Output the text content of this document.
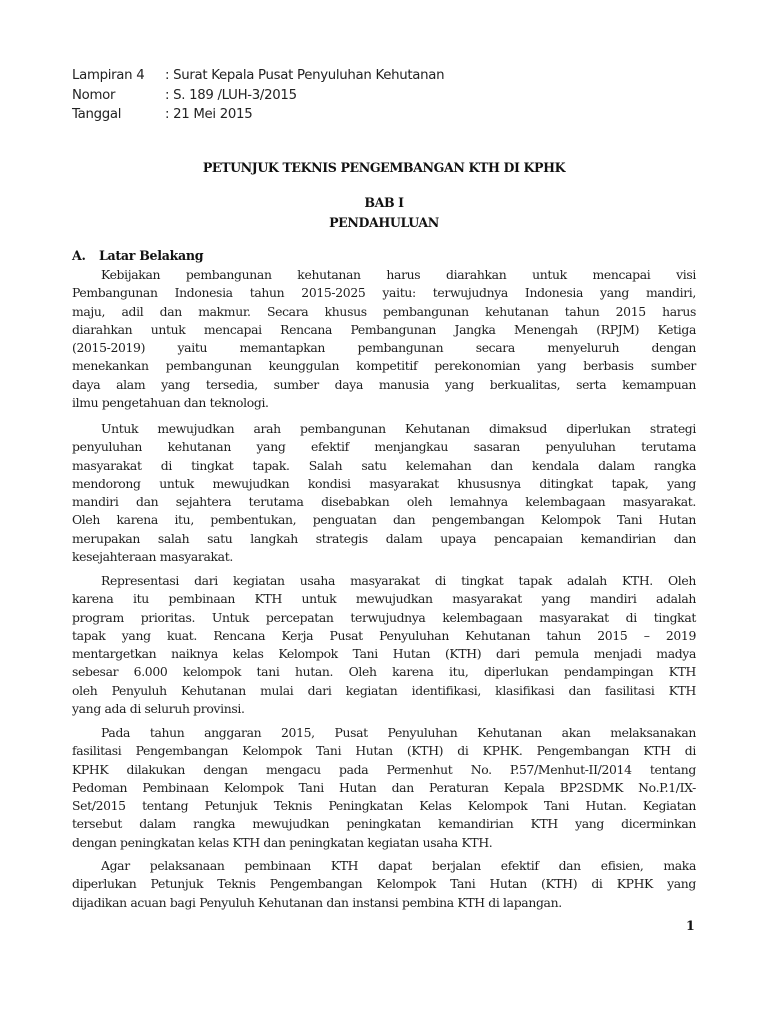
Lampiran 4 : Surat Kepala Pusat Penyuluhan Kehutanan
Nomor	: S. 189 /LUH-3/2015
Tanggal	: 21 Mei 2015
PETUNJUK TEKNIS PENGEMBANGAN KTH DI KPHK
BAB I
PENDAHULUAN
A. Latar Belakang
Kebijakan pembangunan kehutanan harus diarahkan untuk mencapai visi
Pembangunan Indonesia tahun 2015-2025 yaitu: terwujudnya Indonesia yang mandiri,
maju, adil dan makmur. Secara khusus pembangunan kehutanan tahun 2015 harus
diarahkan untuk mencapai Rencana Pembangunan Jangka Menengah (RPJM) Ketiga
(2015-2019) yaitu memantapkan pembangunan secara menyeluruh dengan
menekankan pembangunan keunggulan kompetitif perekonomian yang berbasis sumber
daya alam yang tersedia, sumber daya manusia yang berkualitas, serta kemampuan
ilmu pengetahuan dan teknologi.
Untuk mewujudkan arah pembangunan Kehutanan dimaksud diperlukan strategi
penyuluhan kehutanan yang efektif menjangkau sasaran penyuluhan terutama
masyarakat di tingkat tapak. Salah satu kelemahan dan kendala dalam rangka
mendorong untuk mewujudkan kondisi masyarakat khususnya ditingkat tapak, yang
mandiri dan sejahtera terutama disebabkan oleh lemahnya kelembagaan masyarakat.
Oleh karena itu, pembentukan, penguatan dan pengembangan Kelompok Tani Hutan
merupakan salah satu langkah strategis dalam upaya pencapaian kemandirian dan
kesejahteraan masyarakat.
Representasi dari kegiatan usaha masyarakat di tingkat tapak adalah KTH. Oleh
karena itu pembinaan KTH untuk mewujudkan masyarakat yang mandiri adalah
program prioritas. Untuk percepatan terwujudnya kelembagaan masyarakat di tingkat
tapak yang kuat. Rencana Kerja Pusat Penyuluhan Kehutanan tahun 2015 – 2019
mentargetkan naiknya kelas Kelompok Tani Hutan (KTH) dari pemula menjadi madya
sebesar 6.000 kelompok tani hutan. Oleh karena itu, diperlukan pendampingan KTH
oleh Penyuluh Kehutanan mulai dari kegiatan identifikasi, klasifikasi dan fasilitasi KTH
yang ada di seluruh provinsi.
Pada tahun anggaran 2015, Pusat Penyuluhan Kehutanan akan melaksanakan
fasilitasi Pengembangan Kelompok Tani Hutan (KTH) di KPHK. Pengembangan KTH di
KPHK dilakukan dengan mengacu pada Permenhut No. P.57/Menhut-II/2014 tentang
Pedoman Pembinaan Kelompok Tani Hutan dan Peraturan Kepala BP2SDMK No.P.1/IX-
Set/2015 tentang Petunjuk Teknis Peningkatan Kelas Kelompok Tani Hutan. Kegiatan
tersebut dalam rangka mewujudkan peningkatan kemandirian KTH yang dicerminkan
dengan peningkatan kelas KTH dan peningkatan kegiatan usaha KTH.
Agar pelaksanaan pembinaan KTH dapat berjalan efektif dan efisien, maka
diperlukan Petunjuk Teknis Pengembangan Kelompok Tani Hutan (KTH) di KPHK yang
dijadikan acuan bagi Penyuluh Kehutanan dan instansi pembina KTH di lapangan.
1
